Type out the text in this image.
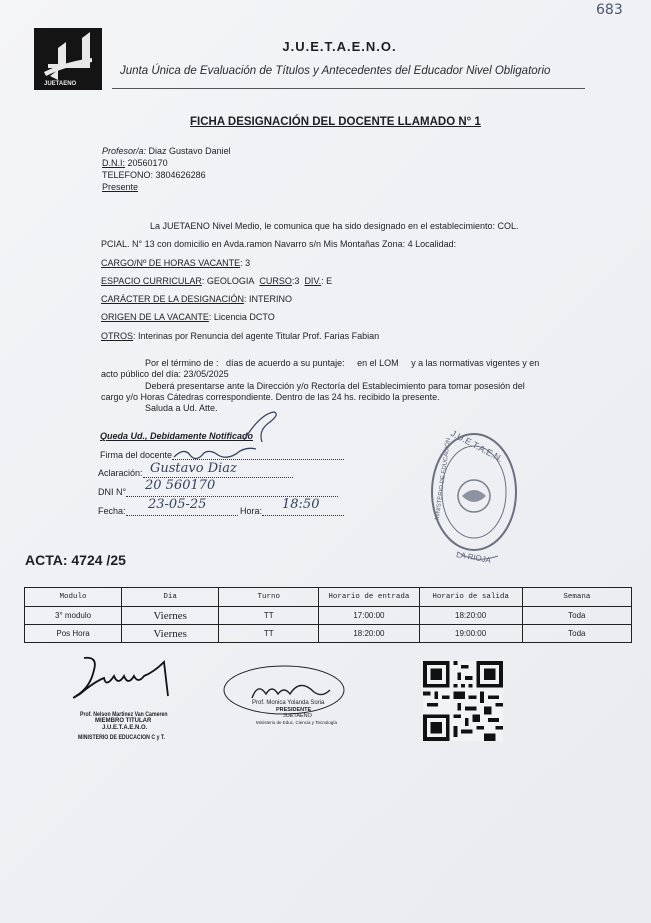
683
JUETAENO
J.U.E.T.A.E.N.O.
Junta Única de Evaluación de Títulos y Antecedentes del Educador Nivel Obligatorio
FICHA DESIGNACIÓN DEL DOCENTE LLAMADO N° 1
Profesor/a: Diaz Gustavo Daniel
D.N.I: 20560170
TELEFONO: 3804626286
Presente
La JUETAENO Nivel Medio, le comunica que ha sido designado en el establecimiento: COL.
PCIAL. N° 13 con domicilio en Avda.ramon Navarro s/n Mis Montañas Zona: 4 Localidad:
CARGO/Nº DE HORAS VACANTE: 3
ESPACIO CURRICULAR: GEOLOGIA CURSO:3 DIV.: E
CARÁCTER DE LA DESIGNACIÓN: INTERINO
ORIGEN DE LA VACANTE: Licencia DCTO
OTROS: Interinas por Renuncia del agente Titular Prof. Farias Fabian
Por el término de :   días de acuerdo a su puntaje:     en el LOM     y a las normativas vigentes y en
acto público del día: 23/05/2025
Deberá presentarse ante la Dirección y/o Rectoría del Establecimiento para tomar posesión del
cargo y/o Horas Cátedras correspondiente. Dentro de las 24 hs. recibido la presente.
Saluda a Ud. Atte.
Queda Ud., Debidamente Notificado
Firma del docente
Aclaración: Gustavo Diaz
DNI N°	20 560170
Fecha:	Hora:
23-05-25	18:50
J.U.E.T.A.E.N.
MINISTERIO DE EDUCACIÓN
LA RIOJA
ACTA: 4724 /25
Modulo	Dia	Turno	Horario de entrada	Horario de salida	Semana
3° modulo	Viernes	TT	17:00:00	18:20:00	Toda
Pos Hora	Viernes	TT	18:20:00	19:00:00	Toda
Prof. Nelson Martinez Van Cameren
MIEMBRO TITULAR
J.U.E.T.A.E.N.O.
MINISTERIO DE EDUCACION C y T.
Prof. Monica Yolanda Soria
PRESIDENTE
JUETAENO
Ministerio de Educ. Ciencia y Tecnología
